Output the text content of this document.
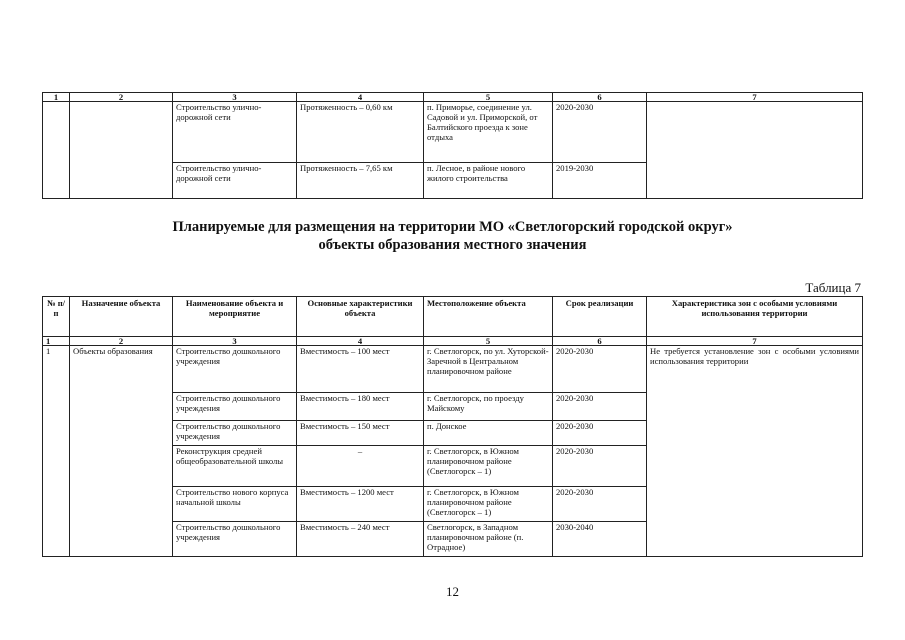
1	2	3	4	5	6	7
		Строительство улично-дорожной сети	Протяженность – 0,60 км	п. Приморье, соединение ул. Садовой и ул. Приморской, от Балтийского проезда к зоне отдыха	2020-2030	
		Строительство улично-дорожной сети	Протяженность – 7,65 км	п. Лесное, в районе нового жилого строительства	2019-2030	
Планируемые для размещения на территории МО «Светлогорский городской округ»
объекты образования местного значения
Таблица 7
№ п/п	Назначение объекта	Наименование объекта и мероприятие	Основные характеристики объекта	Местоположение объекта	Срок реализации	Характеристика зон с особыми условиями использования территории
1	2	3	4	5	6	7
1	Объекты образования	Строительство дошкольного учреждения	Вместимость – 100 мест	г. Светлогорск, по ул. Хуторской-Заречной в Центральном планировочном районе	2020-2030	Не требуется установление зон с особыми условиями использования территории
		Строительство дошкольного учреждения	Вместимость – 180 мест	г. Светлогорск, по проезду Майскому	2020-2030	
		Строительство дошкольного учреждения	Вместимость – 150 мест	п. Донское	2020-2030	
		Реконструкция средней общеобразовательной школы	–	г. Светлогорск, в Южном планировочном районе (Светлогорск – 1)	2020-2030	
		Строительство нового корпуса начальной школы	Вместимость – 1200 мест	г. Светлогорск, в Южном планировочном районе (Светлогорск – 1)	2020-2030	
		Строительство дошкольного учреждения	Вместимость – 240 мест	Светлогорск, в Западном планировочном районе (п. Отрадное)	2030-2040	
12
